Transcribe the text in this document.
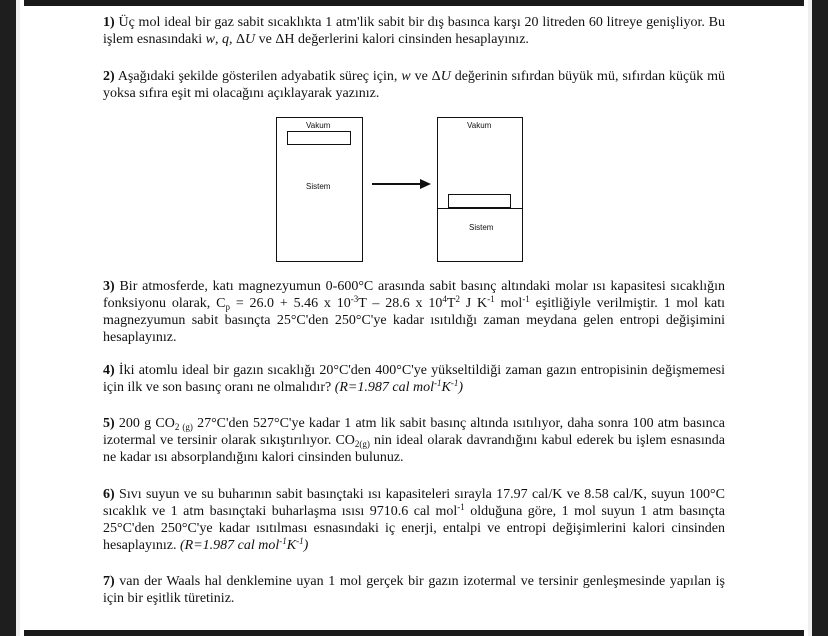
1) Üç mol ideal bir gaz sabit sıcaklıkta 1 atm'lik sabit bir dış basınca karşı 20 litreden 60 litreye genişliyor. Bu işlem esnasındaki w, q, ΔU ve ΔH değerlerini kalori cinsinden hesaplayınız.

2) Aşağıdaki şekilde gösterilen adyabatik süreç için, w ve ΔU değerinin sıfırdan büyük mü, sıfırdan küçük mü yoksa sıfıra eşit mi olacağını açıklayarak yazınız.

Vakum
Sistem
Vakum
Sistem

3) Bir atmosferde, katı magnezyumun 0-600°C arasında sabit basınç altındaki molar ısı kapasitesi sıcaklığın fonksiyonu olarak, $C_p = 26.0 + 5.46$ x $10^{-3}T - 28.6$ x $10^4T^2$ J $K^{-1}$ mol$^{-1}$ eşitliğiyle verilmiştir. 1 mol katı magnezyumun sabit basınçta 25°C'den 250°C'ye kadar ısıtıldığı zaman meydana gelen entropi değişimini hesaplayınız.

4) İki atomlu ideal bir gazın sıcaklığı 20°C'den 400°C'ye yükseltildiği zaman gazın entropisinin değişmemesi için ilk ve son basınç oranı ne olmalıdır? (R=1.987 cal $mol^{-1}K^{-1}$)

5) 200 g $CO_{2 (g)}$ 27°C'den 527°C'ye kadar 1 atm lik sabit basınç altında ısıtılıyor, daha sonra 100 atm basınca izotermal ve tersinir olarak sıkıştırılıyor. $CO_{2(g)}$ nin ideal olarak davrandığını kabul ederek bu işlem esnasında ne kadar ısı absorplandığını kalori cinsinden bulunuz.

6) Sıvı suyun ve su buharının sabit basınçtaki ısı kapasiteleri sırayla 17.97 cal/K ve 8.58 cal/K, suyun 100°C sıcaklık ve 1 atm basınçtaki buharlaşma ısısı 9710.6 cal mol$^{-1}$ olduğuna göre, 1 mol suyun 1 atm basınçta 25°C'den 250°C'ye kadar ısıtılması esnasındaki iç enerji, entalpi ve entropi değişimlerini kalori cinsinden hesaplayınız. (R=1.987 cal $mol^{-1}K^{-1}$)

7) van der Waals hal denklemine uyan 1 mol gerçek bir gazın izotermal ve tersinir genleşmesinde yapılan iş için bir eşitlik türetiniz.
